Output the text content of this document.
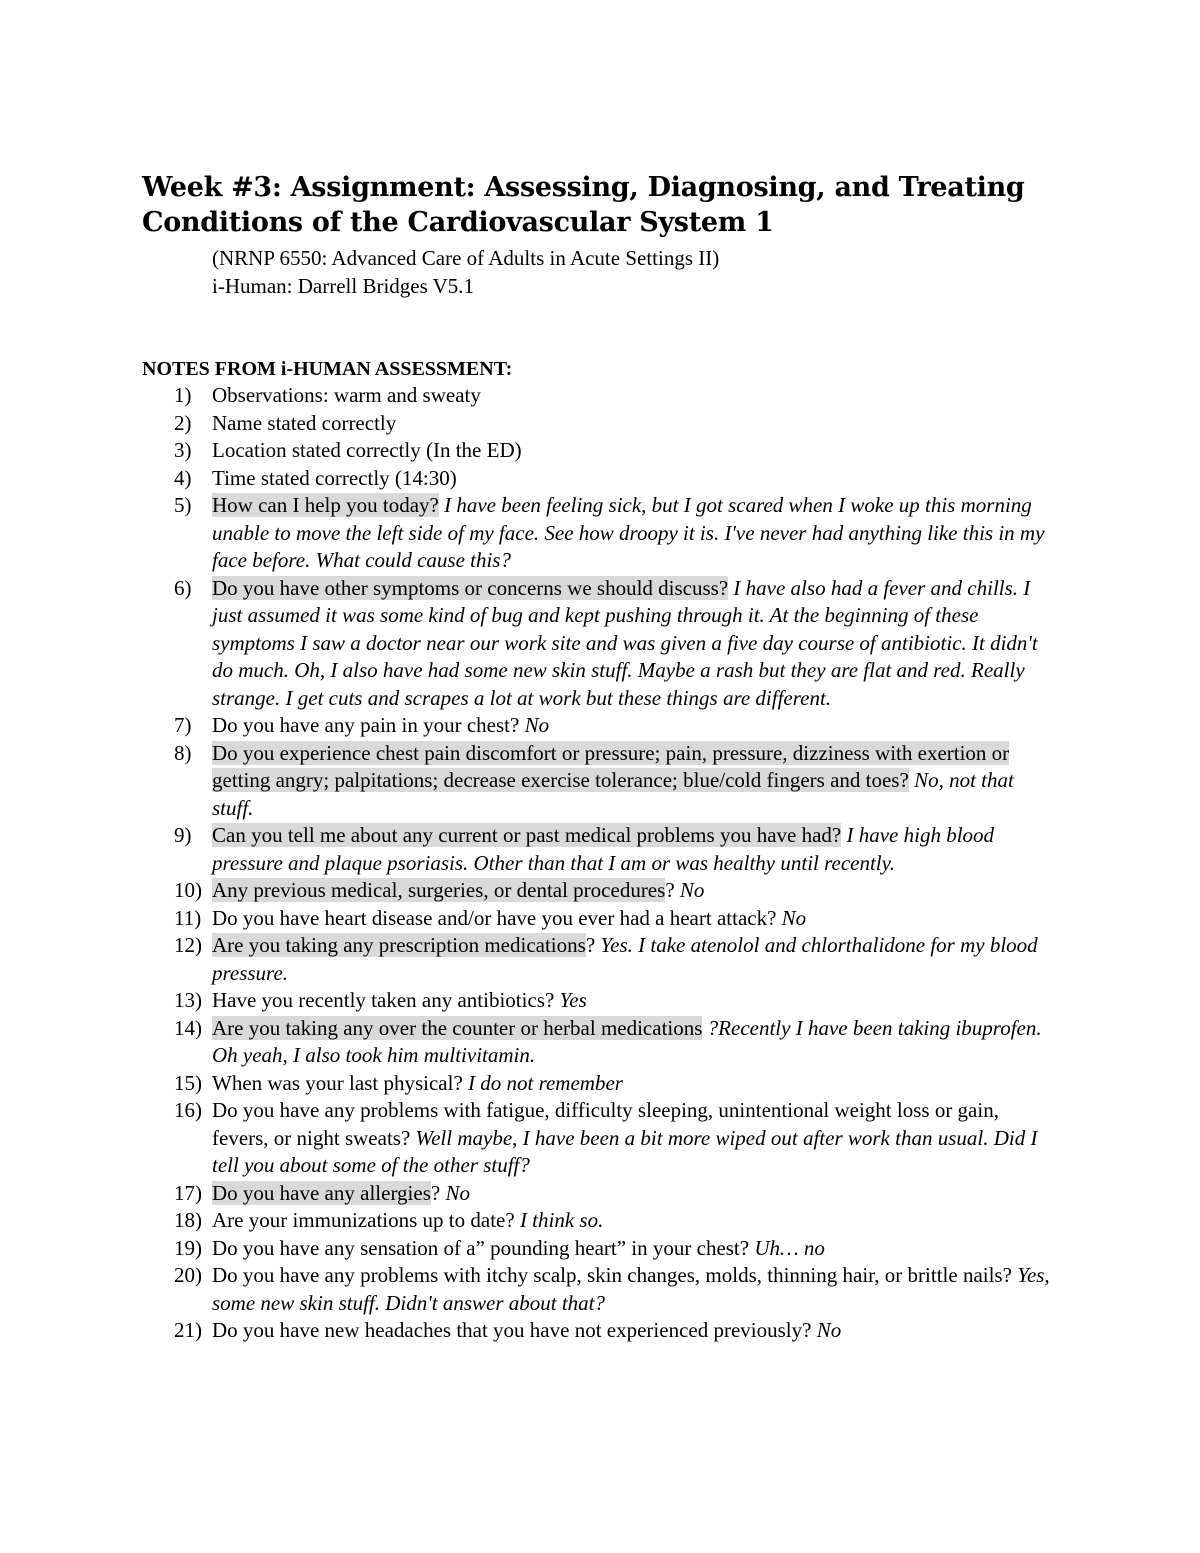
Week #3: Assignment: Assessing, Diagnosing, and Treating Conditions of the Cardiovascular System 1
(NRNP 6550: Advanced Care of Adults in Acute Settings II)
i-Human: Darrell Bridges V5.1
NOTES FROM i-HUMAN ASSESSMENT:
1) Observations: warm and sweaty
2) Name stated correctly
3) Location stated correctly (In the ED)
4) Time stated correctly (14:30)
5) How can I help you today? I have been feeling sick, but I got scared when I woke up this morning unable to move the left side of my face. See how droopy it is. I've never had anything like this in my face before. What could cause this?
6) Do you have other symptoms or concerns we should discuss? I have also had a fever and chills. I just assumed it was some kind of bug and kept pushing through it. At the beginning of these symptoms I saw a doctor near our work site and was given a five day course of antibiotic. It didn't do much. Oh, I also have had some new skin stuff. Maybe a rash but they are flat and red. Really strange. I get cuts and scrapes a lot at work but these things are different.
7) Do you have any pain in your chest? No
8) Do you experience chest pain discomfort or pressure; pain, pressure, dizziness with exertion or getting angry; palpitations; decrease exercise tolerance; blue/cold fingers and toes? No, not that stuff.
9) Can you tell me about any current or past medical problems you have had? I have high blood pressure and plaque psoriasis. Other than that I am or was healthy until recently.
10) Any previous medical, surgeries, or dental procedures? No
11) Do you have heart disease and/or have you ever had a heart attack? No
12) Are you taking any prescription medications? Yes. I take atenolol and chlorthalidone for my blood pressure.
13) Have you recently taken any antibiotics? Yes
14) Are you taking any over the counter or herbal medications ?Recently I have been taking ibuprofen. Oh yeah, I also took him multivitamin.
15) When was your last physical? I do not remember
16) Do you have any problems with fatigue, difficulty sleeping, unintentional weight loss or gain, fevers, or night sweats? Well maybe, I have been a bit more wiped out after work than usual. Did I tell you about some of the other stuff?
17) Do you have any allergies? No
18) Are your immunizations up to date? I think so.
19) Do you have any sensation of a” pounding heart” in your chest? Uh… no
20) Do you have any problems with itchy scalp, skin changes, molds, thinning hair, or brittle nails? Yes, some new skin stuff. Didn't answer about that?
21) Do you have new headaches that you have not experienced previously? No
